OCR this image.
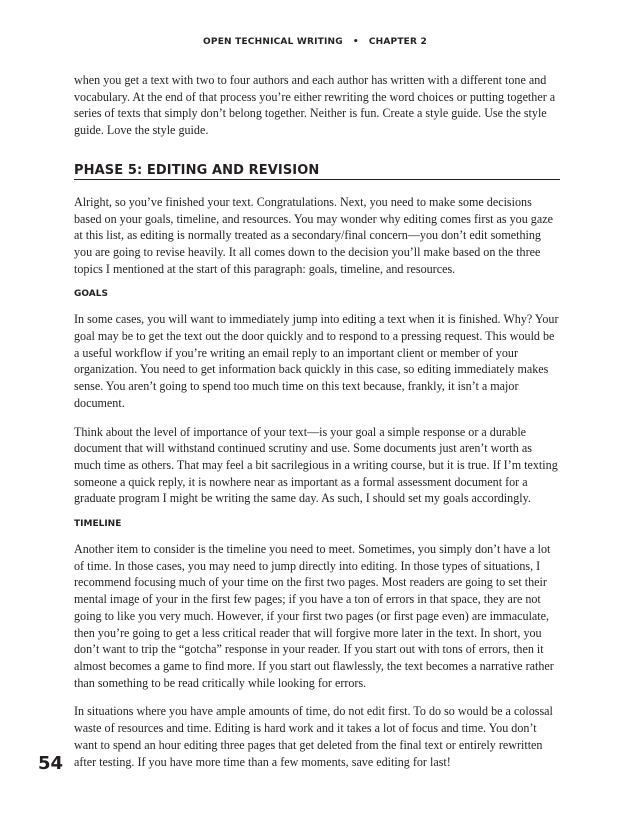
OPEN TECHNICAL WRITING • CHAPTER 2

when you get a text with two to four authors and each author has written with a different tone and vocabulary. At the end of that process you’re either rewriting the word choices or putting together a series of texts that simply don’t belong together. Neither is fun. Create a style guide. Use the style guide. Love the style guide.

PHASE 5: EDITING AND REVISION

Alright, so you’ve finished your text. Congratulations. Next, you need to make some decisions based on your goals, timeline, and resources. You may wonder why editing comes first as you gaze at this list, as editing is normally treated as a secondary/final concern—you don’t edit something you are going to revise heavily. It all comes down to the decision you’ll make based on the three topics I mentioned at the start of this paragraph: goals, timeline, and resources.

GOALS

In some cases, you will want to immediately jump into editing a text when it is finished. Why? Your goal may be to get the text out the door quickly and to respond to a pressing request. This would be a useful workflow if you’re writing an email reply to an important client or member of your organization. You need to get information back quickly in this case, so editing immediately makes sense. You aren’t going to spend too much time on this text because, frankly, it isn’t a major document.

Think about the level of importance of your text—is your goal a simple response or a durable document that will withstand continued scrutiny and use. Some documents just aren’t worth as much time as others. That may feel a bit sacrilegious in a writing course, but it is true. If I’m texting someone a quick reply, it is nowhere near as important as a formal assessment document for a graduate program I might be writing the same day. As such, I should set my goals accordingly.

TIMELINE

Another item to consider is the timeline you need to meet. Sometimes, you simply don’t have a lot of time. In those cases, you may need to jump directly into editing. In those types of situations, I recommend focusing much of your time on the first two pages. Most readers are going to set their mental image of your in the first few pages; if you have a ton of errors in that space, they are not going to like you very much. However, if your first two pages (or first page even) are immaculate, then you’re going to get a less critical reader that will forgive more later in the text. In short, you don’t want to trip the “gotcha” response in your reader. If you start out with tons of errors, then it almost becomes a game to find more. If you start out flawlessly, the text becomes a narrative rather than something to be read critically while looking for errors.

In situations where you have ample amounts of time, do not edit first. To do so would be a colossal waste of resources and time. Editing is hard work and it takes a lot of focus and time. You don’t want to spend an hour editing three pages that get deleted from the final text or entirely rewritten after testing. If you have more time than a few moments, save editing for last!

54
